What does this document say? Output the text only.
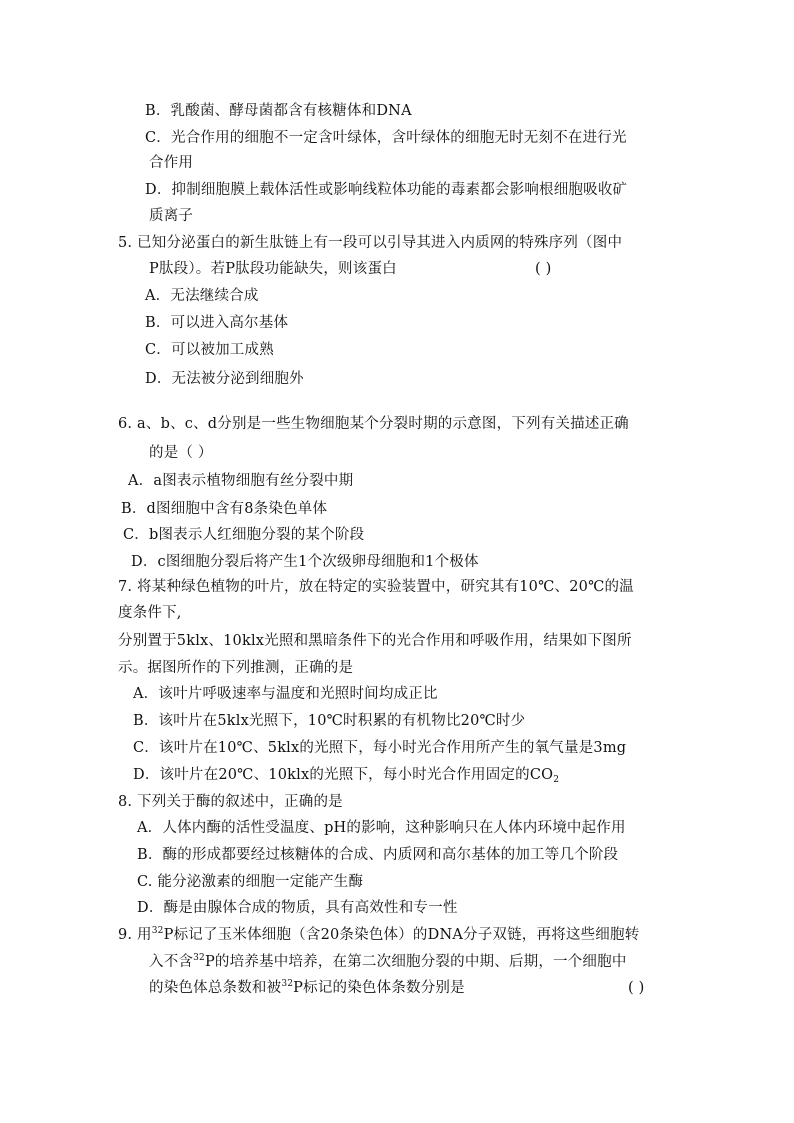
B．乳酸菌、酵母菌都含有核糖体和DNA
C．光合作用的细胞不一定含叶绿体，含叶绿体的细胞无时无刻不在进行光
合作用
D．抑制细胞膜上载体活性或影响线粒体功能的毒素都会影响根细胞吸收矿
质离子
5. 已知分泌蛋白的新生肽链上有一段可以引导其进入内质网的特殊序列（图中
P肽段）。若P肽段功能缺失，则该蛋白	( )
A．无法继续合成
B．可以进入高尔基体
C．可以被加工成熟
D．无法被分泌到细胞外
6. a、b、c、d分别是一些生物细胞某个分裂时期的示意图，下列有关描述正确
的是（ ）
A．a图表示植物细胞有丝分裂中期
B．d图细胞中含有8条染色单体
C．b图表示人红细胞分裂的某个阶段
D．c图细胞分裂后将产生1个次级卵母细胞和1个极体
7. 将某种绿色植物的叶片，放在特定的实验装置中，研究其有10℃、20℃的温
度条件下,
分别置于5klx、10klx光照和黑暗条件下的光合作用和呼吸作用，结果如下图所
示。据图所作的下列推测，正确的是
A．该叶片呼吸速率与温度和光照时间均成正比
B．该叶片在5klx光照下，10℃时积累的有机物比20℃时少
C．该叶片在10℃、5klx的光照下，每小时光合作用所产生的氧气量是3mg
D．该叶片在20℃、10klx的光照下，每小时光合作用固定的$CO_2$
8. 下列关于酶的叙述中，正确的是
A．人体内酶的活性受温度、pH的影响，这种影响只在人体内环境中起作用
B．酶的形成都要经过核糖体的合成、内质网和高尔基体的加工等几个阶段
C. 能分泌激素的细胞一定能产生酶
D．酶是由腺体合成的物质，具有高效性和专一性
9. 用$^{32}$P标记了玉米体细胞（含20条染色体）的DNA分子双链，再将这些细胞转
入不含$^{32}$P的培养基中培养，在第二次细胞分裂的中期、后期，一个细胞中
的染色体总条数和被$^{32}$P标记的染色体条数分别是	( )
